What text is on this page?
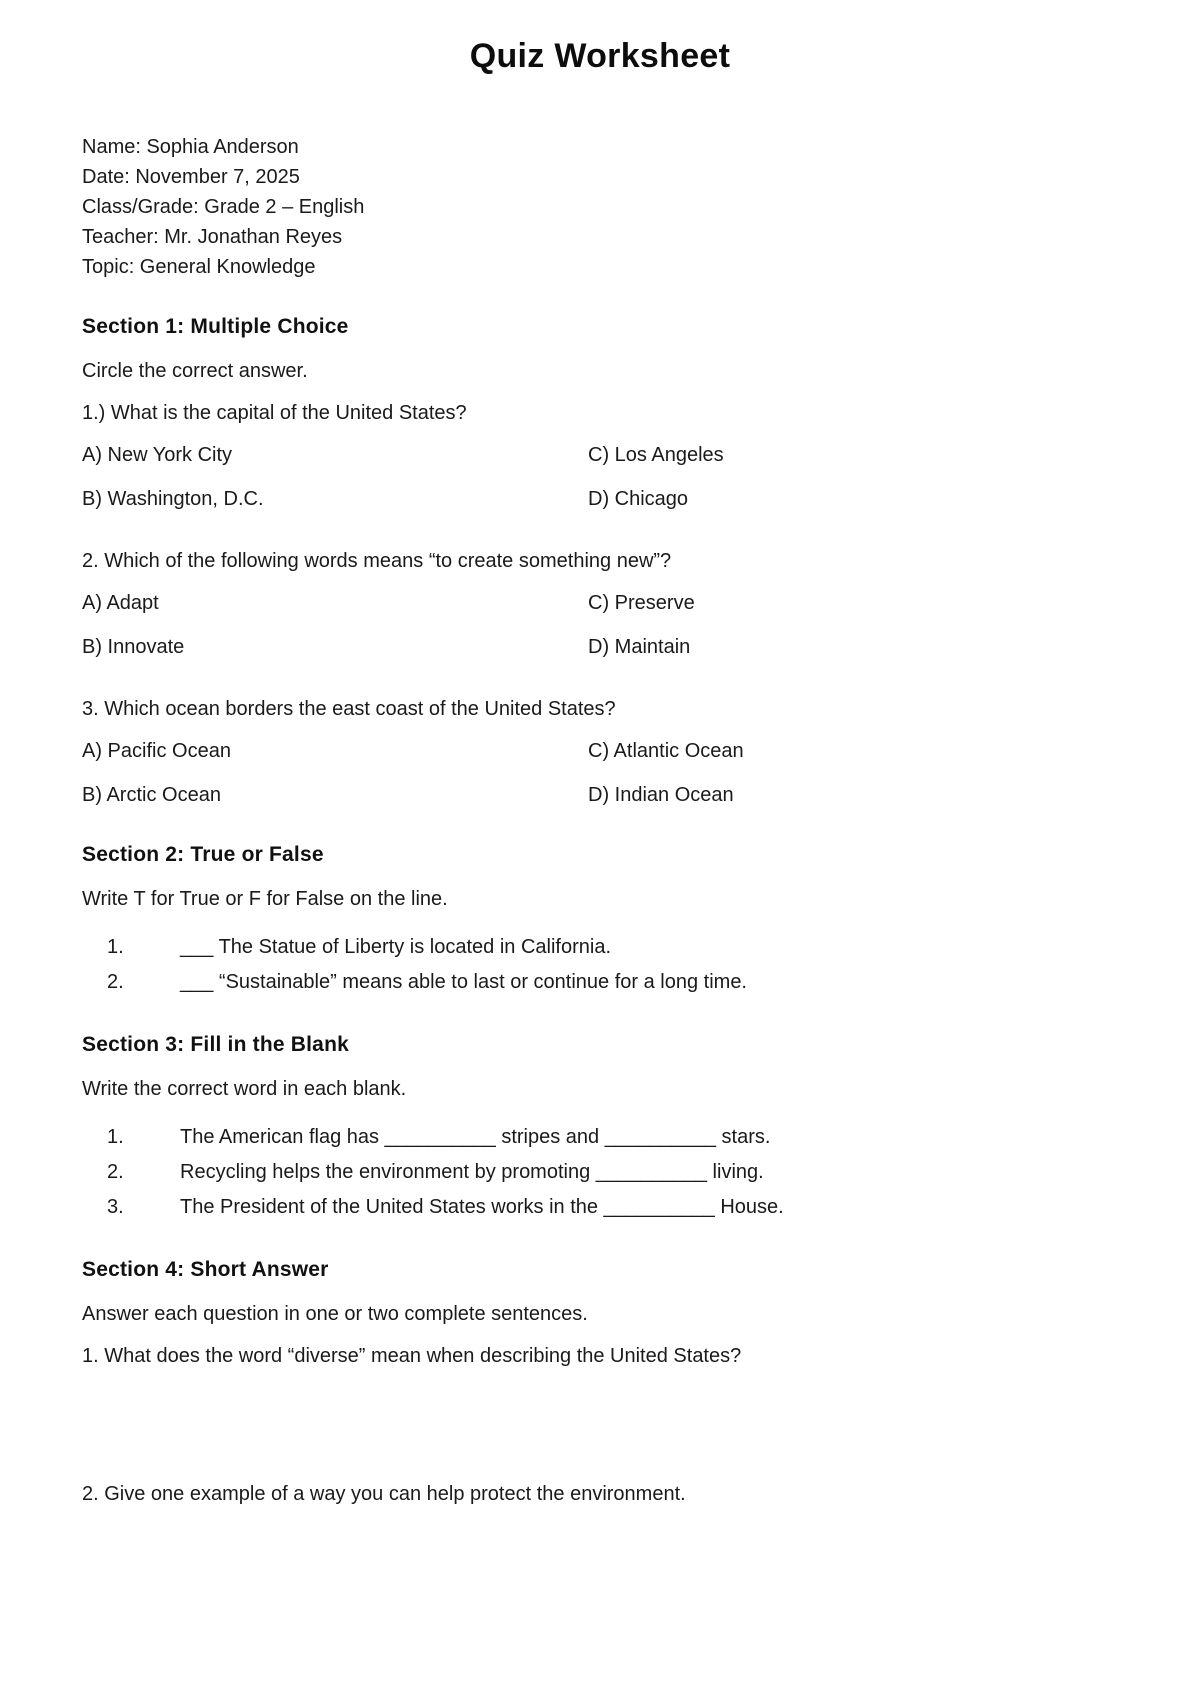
Quiz Worksheet

Name: Sophia Anderson

Date: November 7, 2025

Class/Grade: Grade 2 – English

Teacher: Mr. Jonathan Reyes

Topic: General Knowledge

Section 1: Multiple Choice

Circle the correct answer.

1.) What is the capital of the United States?

A) New York City	C) Los Angeles

B) Washington, D.C.	D) Chicago

2. Which of the following words means “to create something new”?

A) Adapt	C) Preserve

B) Innovate	D) Maintain

3. Which ocean borders the east coast of the United States?

A) Pacific Ocean	C) Atlantic Ocean

B) Arctic Ocean	D) Indian Ocean

Section 2: True or False

Write T for True or F for False on the line.

1.	___ The Statue of Liberty is located in California.
2.	___ “Sustainable” means able to last or continue for a long time.
Section 3: Fill in the Blank

Write the correct word in each blank.

1.	The American flag has __________ stripes and __________ stars.
2.	Recycling helps the environment by promoting __________ living.
3.	The President of the United States works in the __________ House.
Section 4: Short Answer

Answer each question in one or two complete sentences.

1. What does the word “diverse” mean when describing the United States?

2. Give one example of a way you can help protect the environment.
